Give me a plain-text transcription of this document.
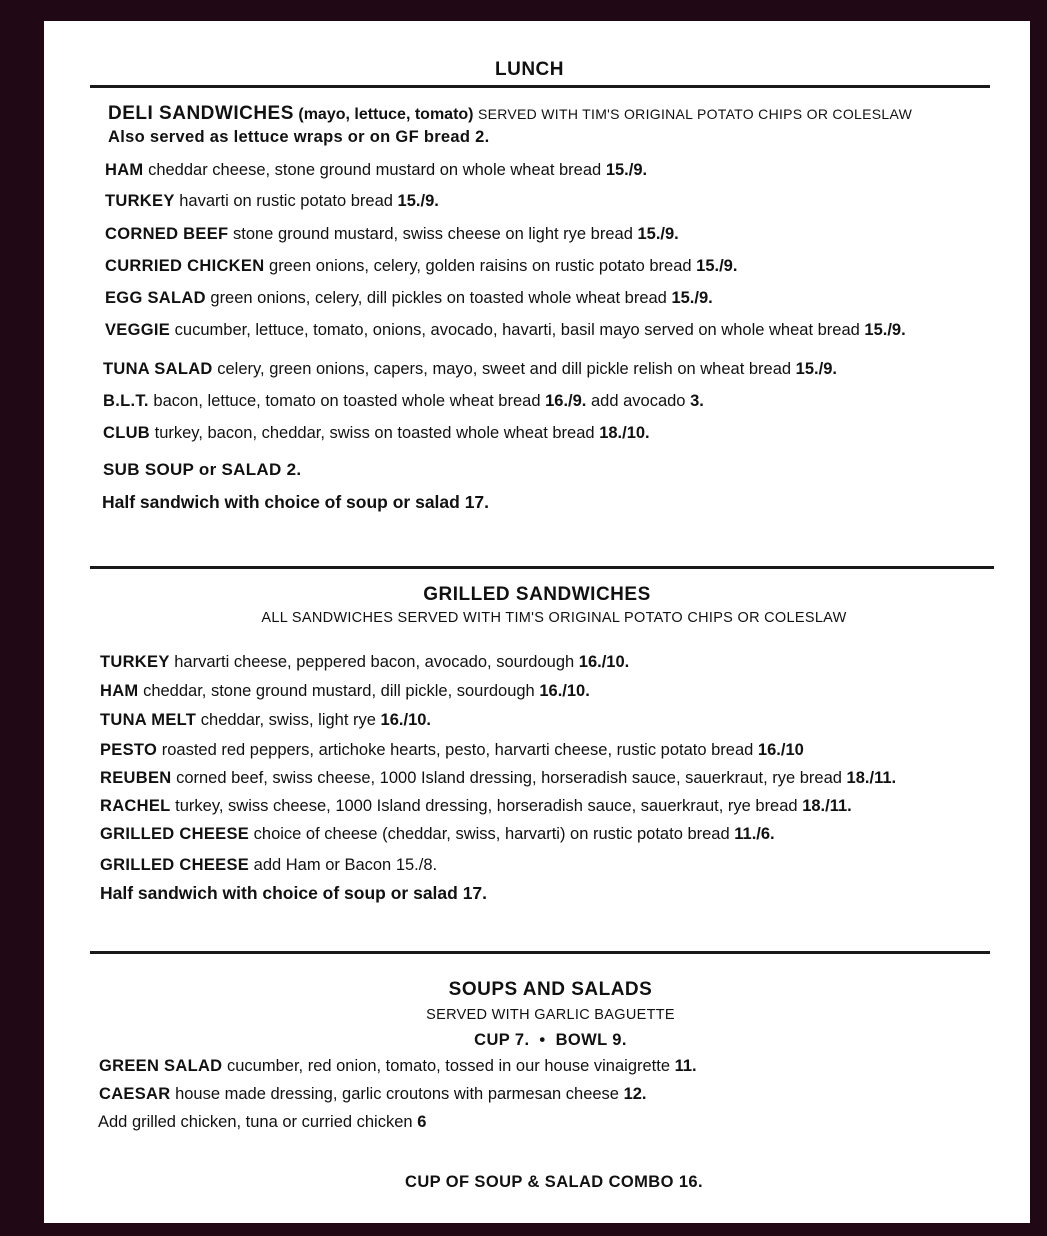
LUNCH
DELI SANDWICHES (mayo, lettuce, tomato) SERVED WITH TIM'S ORIGINAL POTATO CHIPS OR COLESLAW
Also served as lettuce wraps or on GF bread 2.
HAM cheddar cheese, stone ground mustard on whole wheat bread 15./9.
TURKEY havarti on rustic potato bread 15./9.
CORNED BEEF stone ground mustard, swiss cheese on light rye bread 15./9.
CURRIED CHICKEN green onions, celery, golden raisins on rustic potato bread 15./9.
EGG SALAD green onions, celery, dill pickles on toasted whole wheat bread 15./9.
VEGGIE cucumber, lettuce, tomato, onions, avocado, havarti, basil mayo served on whole wheat bread 15./9.
TUNA SALAD celery, green onions, capers, mayo, sweet and dill pickle relish on wheat bread 15./9.
B.L.T. bacon, lettuce, tomato on toasted whole wheat bread 16./9. add avocado 3.
CLUB turkey, bacon, cheddar, swiss on toasted whole wheat bread 18./10.
SUB SOUP or SALAD 2.
Half sandwich with choice of soup or salad 17.
GRILLED SANDWICHES
ALL SANDWICHES SERVED WITH TIM'S ORIGINAL POTATO CHIPS OR COLESLAW
TURKEY harvarti cheese, peppered bacon, avocado, sourdough 16./10.
HAM cheddar, stone ground mustard, dill pickle, sourdough 16./10.
TUNA MELT cheddar, swiss, light rye 16./10.
PESTO roasted red peppers, artichoke hearts, pesto, harvarti cheese, rustic potato bread 16./10
REUBEN corned beef, swiss cheese, 1000 Island dressing, horseradish sauce, sauerkraut, rye bread 18./11.
RACHEL turkey, swiss cheese, 1000 Island dressing, horseradish sauce, sauerkraut, rye bread 18./11.
GRILLED CHEESE choice of cheese (cheddar, swiss, harvarti) on rustic potato bread 11./6.
GRILLED CHEESE add Ham or Bacon 15./8.
Half sandwich with choice of soup or salad 17.
SOUPS AND SALADS
SERVED WITH GARLIC BAGUETTE
CUP 7. • BOWL 9.
GREEN SALAD cucumber, red onion, tomato, tossed in our house vinaigrette 11.
CAESAR house made dressing, garlic croutons with parmesan cheese 12.
Add grilled chicken, tuna or curried chicken 6
CUP OF SOUP & SALAD COMBO 16.
